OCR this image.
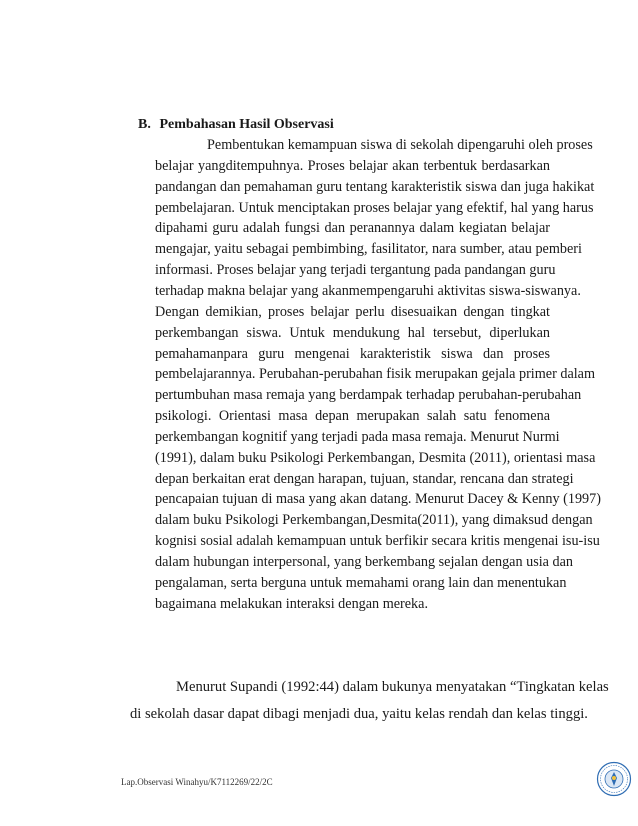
B. Pembahasan Hasil Observasi
Pembentukan kemampuan siswa di sekolah dipengaruhi oleh proses
belajar yangditempuhnya. Proses belajar akan terbentuk berdasarkan
pandangan dan pemahaman guru tentang karakteristik siswa dan juga hakikat
pembelajaran. Untuk menciptakan proses belajar yang efektif, hal yang harus
dipahami guru adalah fungsi dan peranannya dalam kegiatan belajar
mengajar, yaitu sebagai pembimbing, fasilitator, nara sumber, atau pemberi
informasi. Proses belajar yang terjadi tergantung pada pandangan guru
terhadap makna belajar yang akanmempengaruhi aktivitas siswa-siswanya.
Dengan demikian, proses belajar perlu disesuaikan dengan tingkat
perkembangan siswa. Untuk mendukung hal tersebut, diperlukan
pemahamanpara guru mengenai karakteristik siswa dan proses
pembelajarannya. Perubahan-perubahan fisik merupakan gejala primer dalam
pertumbuhan masa remaja yang berdampak terhadap perubahan-perubahan
psikologi. Orientasi masa depan merupakan salah satu fenomena
perkembangan kognitif yang terjadi pada masa remaja. Menurut Nurmi
(1991), dalam buku Psikologi Perkembangan, Desmita (2011), orientasi masa
depan berkaitan erat dengan harapan, tujuan, standar, rencana dan strategi
pencapaian tujuan di masa yang akan datang. Menurut Dacey & Kenny (1997)
dalam buku Psikologi Perkembangan,Desmita(2011), yang dimaksud dengan
kognisi sosial adalah kemampuan untuk berfikir secara kritis mengenai isu-isu
dalam hubungan interpersonal, yang berkembang sejalan dengan usia dan
pengalaman, serta berguna untuk memahami orang lain dan menentukan
bagaimana melakukan interaksi dengan mereka.
Menurut Supandi (1992:44) dalam bukunya menyatakan “Tingkatan kelas
di sekolah dasar dapat dibagi menjadi dua, yaitu kelas rendah dan kelas tinggi.
Lap.Observasi Winahyu/K7112269/22/2C
